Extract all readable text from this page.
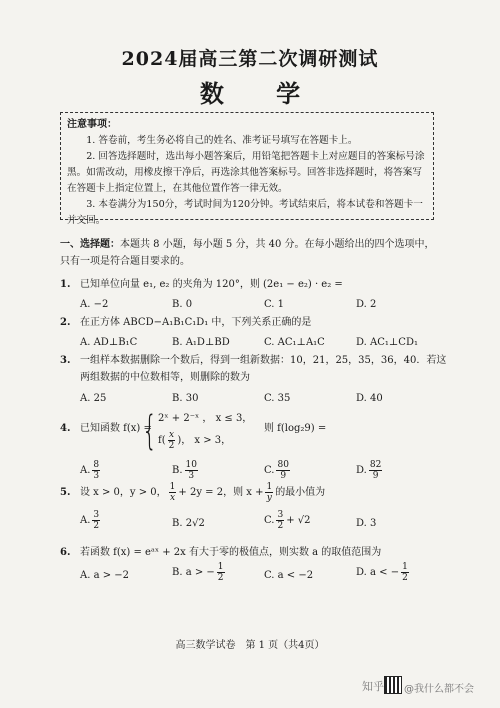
2024届高三第二次调研测试
数 学
注意事项：

1. 答卷前，考生务必将自己的姓名、准考证号填写在答题卡上。

2. 回答选择题时，选出每小题答案后，用铅笔把答题卡上对应题目的答案标号涂黑。如需改动，用橡皮擦干净后，再选涂其他答案标号。回答非选择题时，将答案写在答题卡上指定位置上，在其他位置作答一律无效。

3. 本卷满分为150分，考试时间为120分钟。考试结束后，将本试卷和答题卡一并交回。

一、选择题：本题共 8 小题，每小题 5 分，共 40 分。在每小题给出的四个选项中，只有一项是符合题目要求的。
1. 已知单位向量 e₁, e₂ 的夹角为 120°，则 (2e₁ − e₂) · e₂ =
A. −2	B. 0	C. 1	D. 2
2. 在正方体 ABCD−A₁B₁C₁D₁ 中，下列关系正确的是
A. AD⊥B₁C	B. A₁D⊥BD	C. AC₁⊥A₁C	D. AC₁⊥CD₁
3. 一组样本数据删除一个数后，得到一组新数据：10，21，25，35，36，40．若这两组数据的中位数相等，则删除的数为
A. 25	B. 30	C. 35	D. 40
4. 已知函数 f(x) =
{ 2ˣ + 2⁻ˣ ， x ≤ 3，
$f( \frac{x}{2}$ )， x > 3，
则 f(log₂9) =
A. $\frac{8}{3}$	B. $\frac{10}{3}$	C. $\frac{80}{9}$	D. $\frac{82}{9}$
5. 设 x > 0，y > 0， $\frac{1}{x} + 2y = 2$，则 $x + \frac{1}{y}$ 的最小值为
A. $\frac{3}{2}$	B. 2√2	C. $\frac{3}{2} + √2$	D. 3
6. 若函数 f(x) = eᵃˣ + 2x 有大于零的极值点，则实数 a 的取值范围为
A. a > −2	B. a > − $\frac{1}{2}$	C. a < −2	D. a < − $\frac{1}{2}$
高三数学试卷　第 1 页（共4页）
知乎 @我什么都不会
